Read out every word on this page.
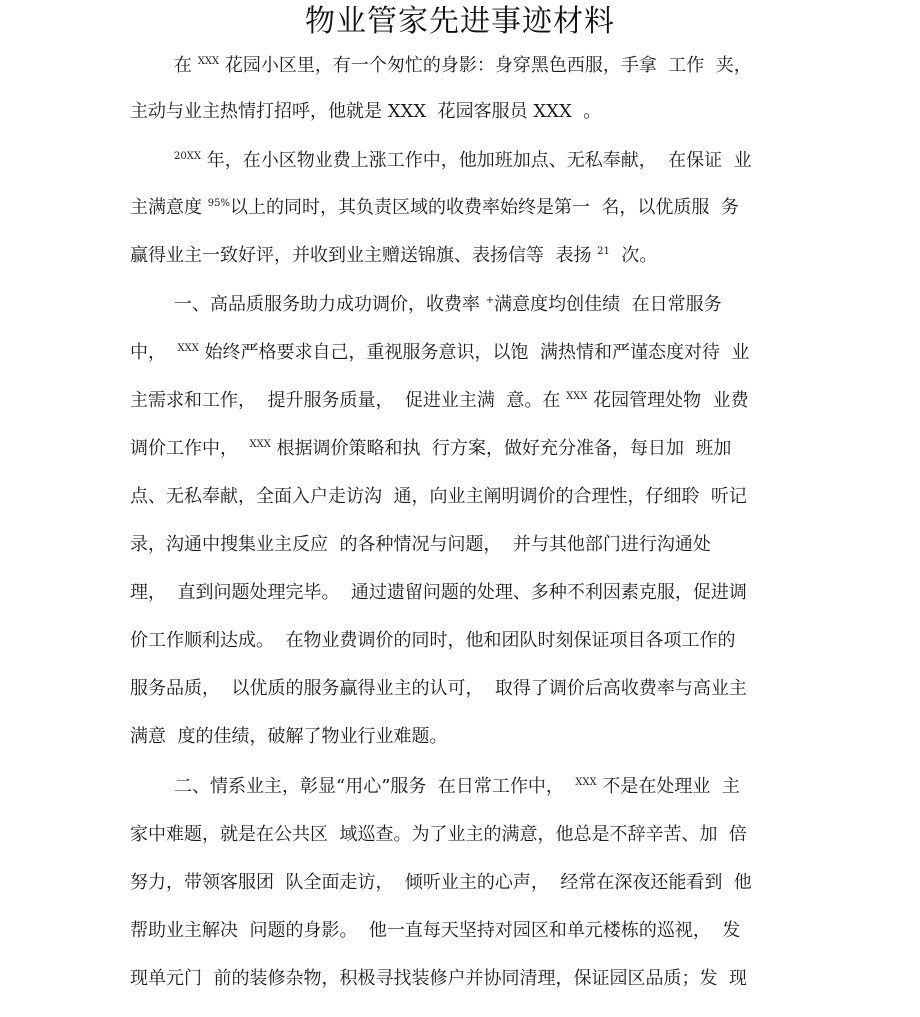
物业管家先进事迹材料
在 $^{XXX}$ 花园小区里，有一个匆忙的身影：身穿黑色西服，手拿  工作  夹，
主动与业主热情打招呼，他就是 XXX  花园客服员 XXX  。
$^{20XX}$ 年，在小区物业费上涨工作中，他加班加点、无私奉献，  在保证  业
主满意度 $^{95\%}$以上的同时，其负责区域的收费率始终是第一  名，以优质服  务
赢得业主一致好评，并收到业主赠送锦旗、表扬信等  表扬 $^{21}$  次。
一、高品质服务助力成功调价，收费率 +满意度均创佳绩  在日常服务
中，  $^{XXX}$ 始终严格要求自己，重视服务意识，以饱  满热情和严谨态度对待  业
主需求和工作，  提升服务质量，  促进业主满  意。在 $^{XXX}$ 花园管理处物  业费
调价工作中，  $^{XXX}$ 根据调价策略和执  行方案，做好充分准备，每日加  班加
点、无私奉献，全面入户走访沟  通，向业主阐明调价的合理性，仔细聆  听记
录，沟通中搜集业主反应  的各种情况与问题，  并与其他部门进行沟通处
理，  直到问题处理完毕。  通过遗留问题的处理、多种不利因素克服，促进调
价工作顺利达成。  在物业费调价的同时，他和团队时刻保证项目各项工作的
服务品质，  以优质的服务赢得业主的认可，  取得了调价后高收费率与高业主
满意  度的佳绩，破解了物业行业难题。
二、情系业主，彰显“用心”服务  在日常工作中，  $^{XXX}$ 不是在处理业  主
家中难题，就是在公共区  域巡查。为了业主的满意，他总是不辞辛苦、加  倍
努力，带领客服团  队全面走访，  倾听业主的心声，  经常在深夜还能看到  他
帮助业主解决  问题的身影。  他一直每天坚持对园区和单元楼栋的巡视，  发
现单元门  前的装修杂物，积极寻找装修户并协同清理，保证园区品质；发  现
